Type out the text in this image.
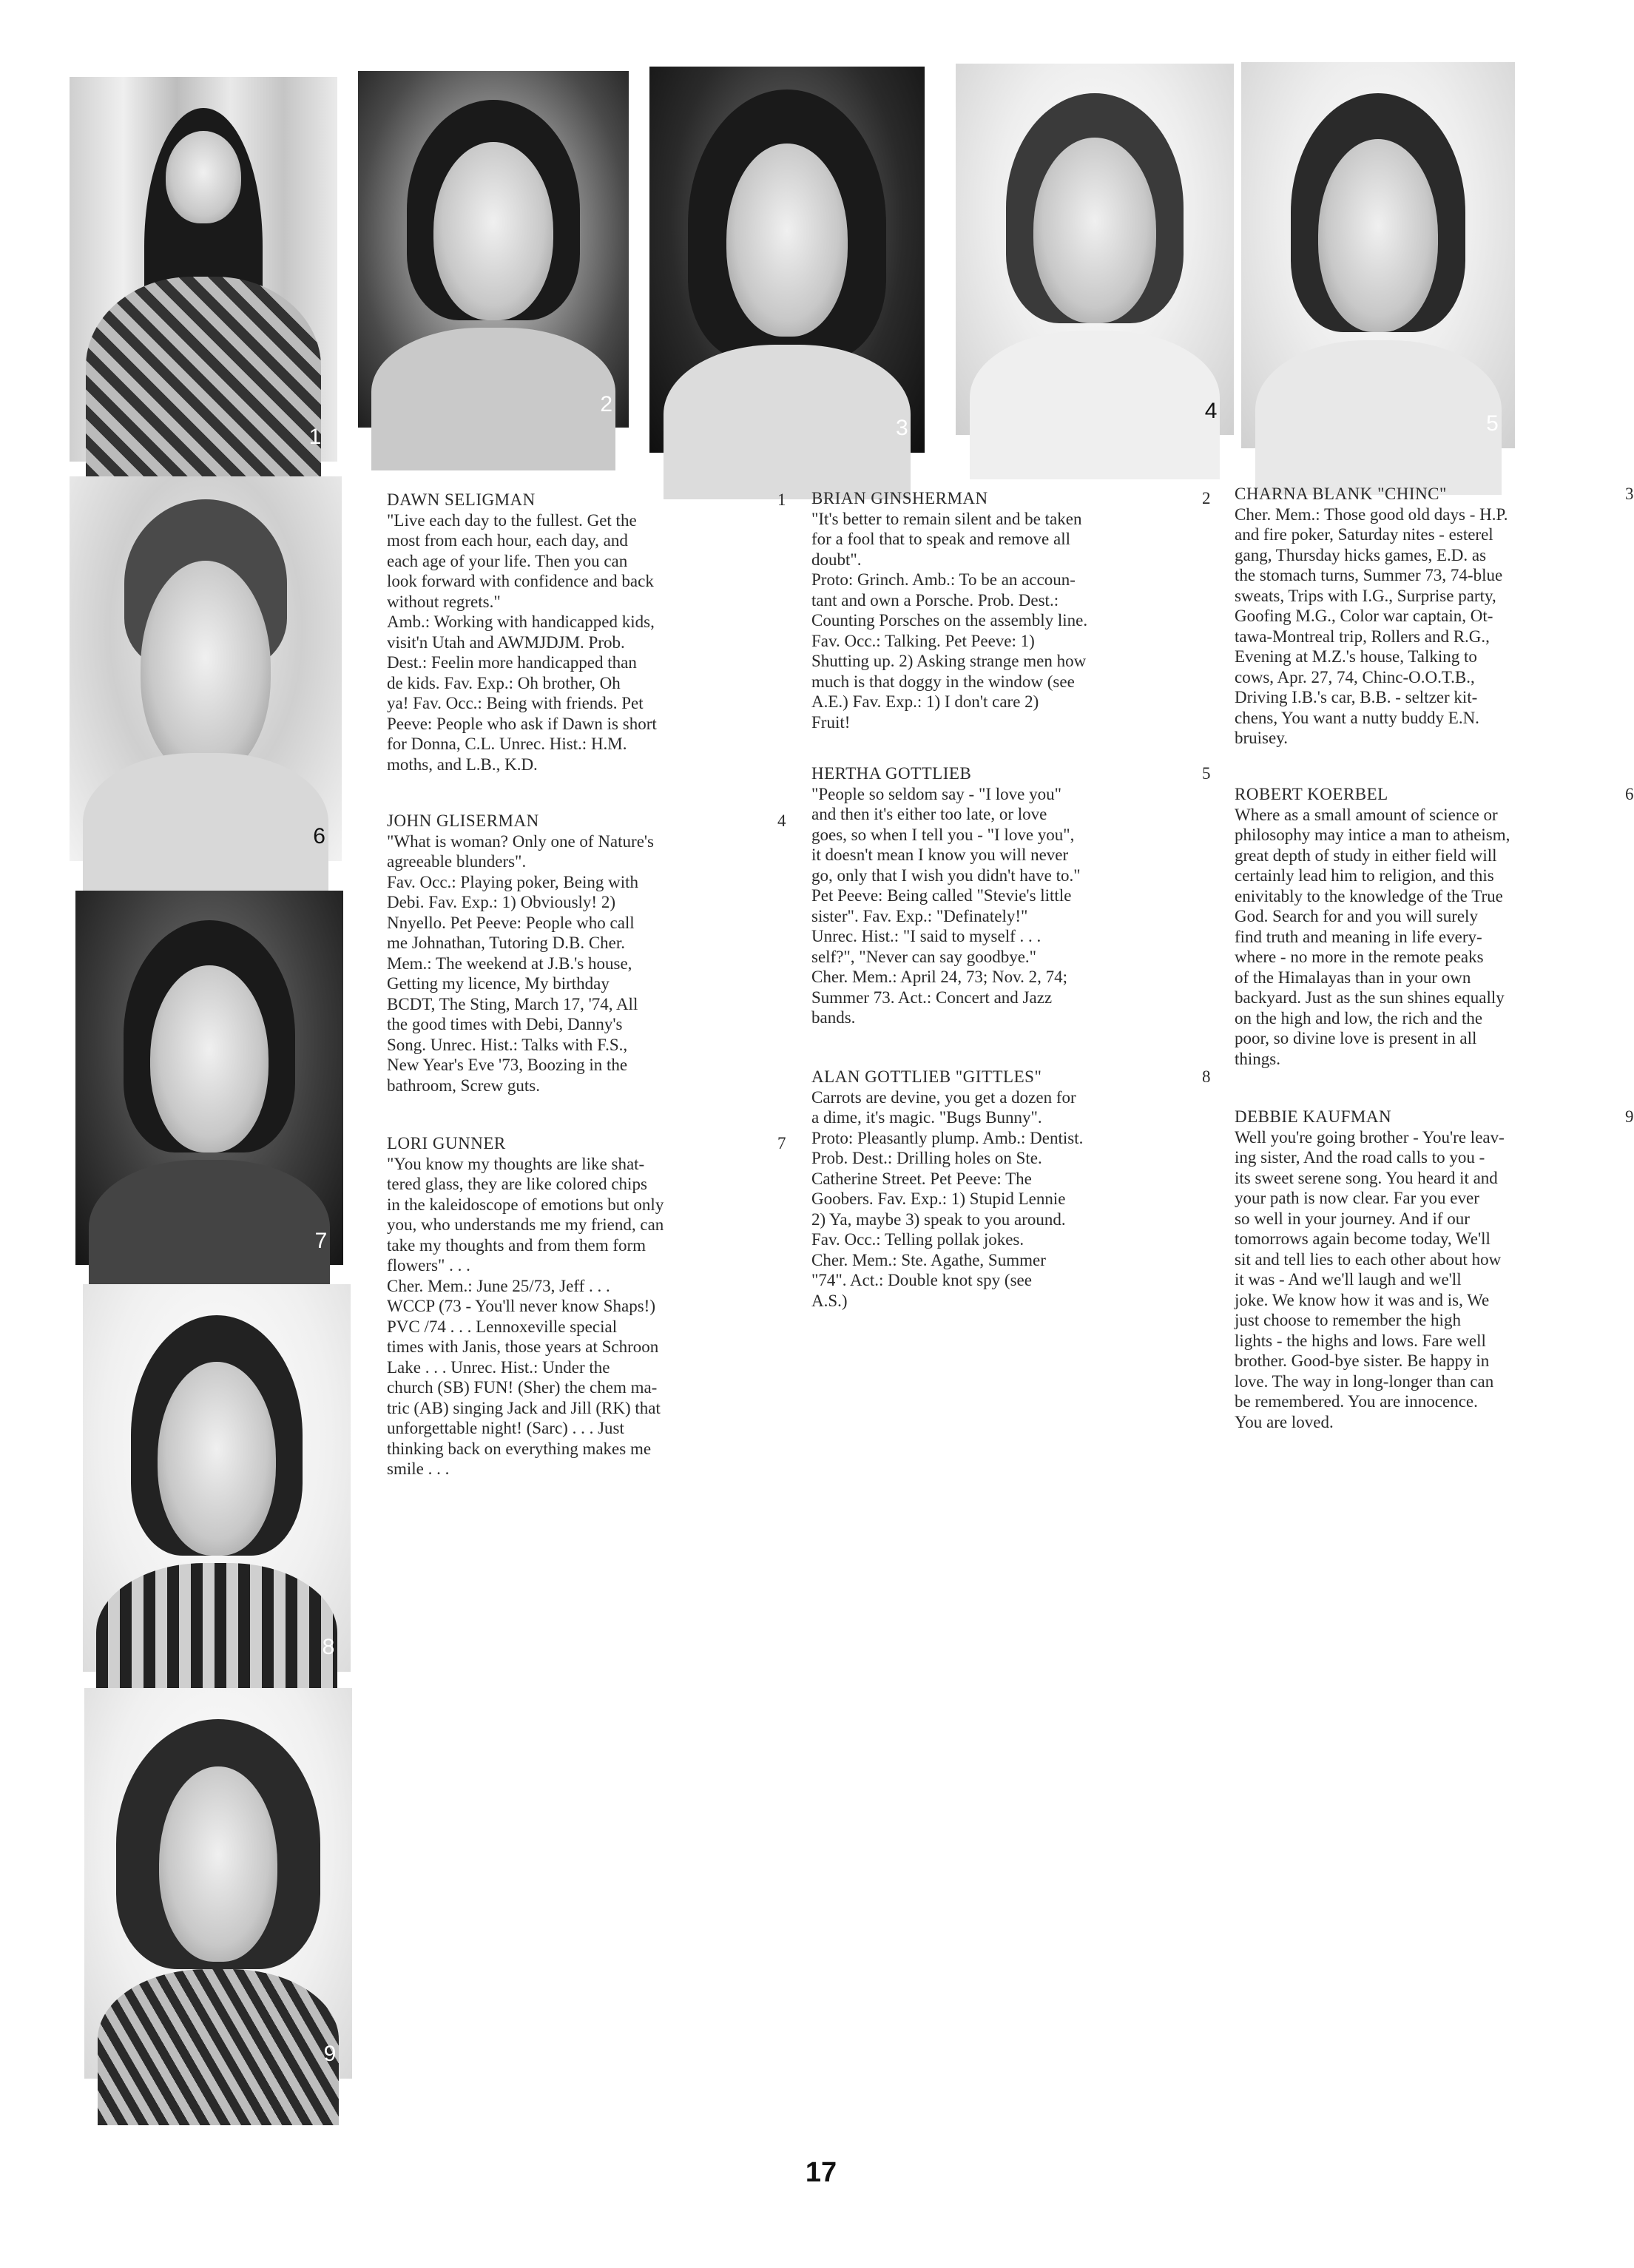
1
2
3
4
5
6
7
8
9
DAWN SELIGMAN	1
"Live each day to the fullest. Get the
most from each hour, each day, and
each age of your life. Then you can
look forward with confidence and back
without regrets."
Amb.: Working with handicapped kids,
visit'n Utah and AWMJDJM. Prob.
Dest.: Feelin more handicapped than
de kids. Fav. Exp.: Oh brother, Oh
ya! Fav. Occ.: Being with friends. Pet
Peeve: People who ask if Dawn is short
for Donna, C.L. Unrec. Hist.: H.M.
moths, and L.B., K.D.
JOHN GLISERMAN	4
"What is woman? Only one of Nature's
agreeable blunders".
Fav. Occ.: Playing poker, Being with
Debi. Fav. Exp.: 1) Obviously! 2)
Nnyello. Pet Peeve: People who call
me Johnathan, Tutoring D.B. Cher.
Mem.: The weekend at J.B.'s house,
Getting my licence, My birthday
BCDT, The Sting, March 17, '74, All
the good times with Debi, Danny's
Song. Unrec. Hist.: Talks with F.S.,
New Year's Eve '73, Boozing in the
bathroom, Screw guts.
LORI GUNNER	7
"You know my thoughts are like shat-
tered glass, they are like colored chips
in the kaleidoscope of emotions but only
you, who understands me my friend, can
take my thoughts and from them form
flowers" . . .
Cher. Mem.: June 25/73, Jeff . . .
WCCP (73 - You'll never know Shaps!)
PVC /74 . . . Lennoxeville special
times with Janis, those years at Schroon
Lake . . . Unrec. Hist.: Under the
church (SB) FUN! (Sher) the chem ma-
tric (AB) singing Jack and Jill (RK) that
unforgettable night! (Sarc) . . . Just
thinking back on everything makes me
smile . . .
BRIAN GINSHERMAN	2
"It's better to remain silent and be taken
for a fool that to speak and remove all
doubt".
Proto: Grinch. Amb.: To be an accoun-
tant and own a Porsche. Prob. Dest.:
Counting Porsches on the assembly line.
Fav. Occ.: Talking. Pet Peeve: 1)
Shutting up. 2) Asking strange men how
much is that doggy in the window (see
A.E.) Fav. Exp.: 1) I don't care 2)
Fruit!
HERTHA GOTTLIEB	5
"People so seldom say - "I love you"
and then it's either too late, or love
goes, so when I tell you - "I love you",
it doesn't mean I know you will never
go, only that I wish you didn't have to."
Pet Peeve: Being called "Stevie's little
sister". Fav. Exp.: "Definately!"
Unrec. Hist.: "I said to myself . . .
self?", "Never can say goodbye."
Cher. Mem.: April 24, 73; Nov. 2, 74;
Summer 73. Act.: Concert and Jazz
bands.
ALAN GOTTLIEB "GITTLES"	8
Carrots are devine, you get a dozen for
a dime, it's magic. "Bugs Bunny".
Proto: Pleasantly plump. Amb.: Dentist.
Prob. Dest.: Drilling holes on Ste.
Catherine Street. Pet Peeve: The
Goobers. Fav. Exp.: 1) Stupid Lennie
2) Ya, maybe 3) speak to you around.
Fav. Occ.: Telling pollak jokes.
Cher. Mem.: Ste. Agathe, Summer
"74". Act.: Double knot spy (see
A.S.)
CHARNA BLANK "CHINC"	3
Cher. Mem.: Those good old days - H.P.
and fire poker, Saturday nites - esterel
gang, Thursday hicks games, E.D. as
the stomach turns, Summer 73, 74-blue
sweats, Trips with I.G., Surprise party,
Goofing M.G., Color war captain, Ot-
tawa-Montreal trip, Rollers and R.G.,
Evening at M.Z.'s house, Talking to
cows, Apr. 27, 74, Chinc-O.O.T.B.,
Driving I.B.'s car, B.B. - seltzer kit-
chens, You want a nutty buddy E.N.
bruisey.
ROBERT KOERBEL	6
Where as a small amount of science or
philosophy may intice a man to atheism,
great depth of study in either field will
certainly lead him to religion, and this
enivitably to the knowledge of the True
God. Search for and you will surely
find truth and meaning in life every-
where - no more in the remote peaks
of the Himalayas than in your own
backyard. Just as the sun shines equally
on the high and low, the rich and the
poor, so divine love is present in all
things.
DEBBIE KAUFMAN	9
Well you're going brother - You're leav-
ing sister, And the road calls to you -
its sweet serene song. You heard it and
your path is now clear. Far you ever
so well in your journey. And if our
tomorrows again become today, We'll
sit and tell lies to each other about how
it was - And we'll laugh and we'll
joke. We know how it was and is, We
just choose to remember the high
lights - the highs and lows. Fare well
brother. Good-bye sister. Be happy in
love. The way in long-longer than can
be remembered. You are innocence.
You are loved.
17
